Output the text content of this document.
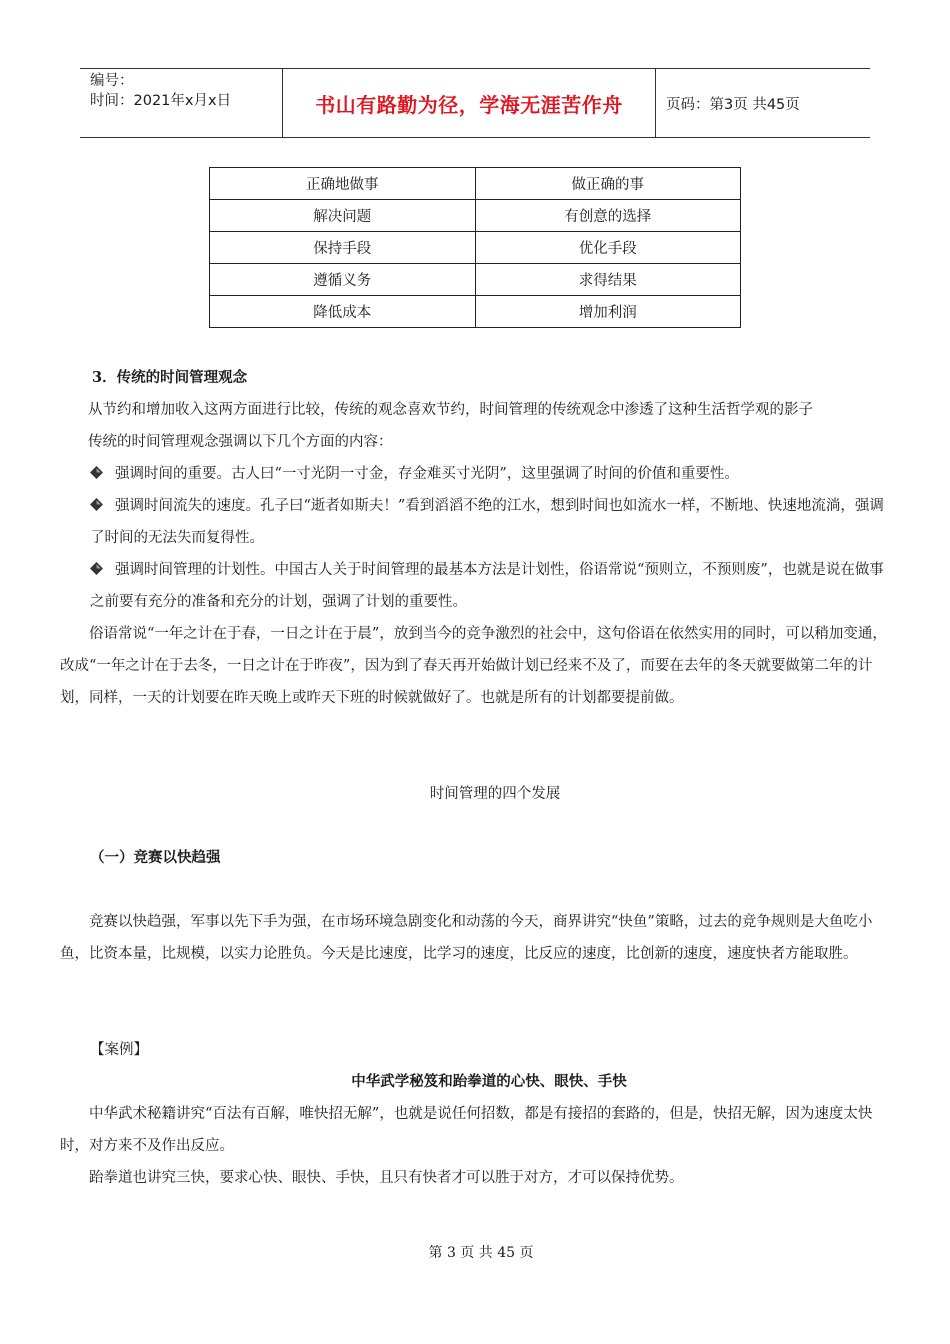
编号：
时间：2021年x月x日	书山有路勤为径，学海无涯苦作舟	页码：第3页 共45页
正确地做事	做正确的事
解决问题	有创意的选择
保持手段	优化手段
遵循义务	求得结果
降低成本	增加利润

3．传统的时间管理观念

从节约和增加收入这两方面进行比较，传统的观念喜欢节约，时间管理的传统观念中渗透了这种生活哲学观的影子

传统的时间管理观念强调以下几个方面的内容：

强调时间的重要。古人曰“一寸光阴一寸金，存金难买寸光阴”，这里强调了时间的价值和重要性。
强调时间流失的速度。孔子曰“逝者如斯夫！”看到滔滔不绝的江水，想到时间也如流水一样，不断地、快速地流淌，强调了时间的无法失而复得性。
强调时间管理的计划性。中国古人关于时间管理的最基本方法是计划性，俗语常说“预则立，不预则废”，也就是说在做事之前要有充分的准备和充分的计划，强调了计划的重要性。

俗语常说“一年之计在于春，一日之计在于晨”，放到当今的竞争激烈的社会中，这句俗语在依然实用的同时，可以稍加变通，改成“一年之计在于去冬，一日之计在于昨夜”，因为到了春天再开始做计划已经来不及了，而要在去年的冬天就要做第二年的计划，同样，一天的计划要在昨天晚上或昨天下班的时候就做好了。也就是所有的计划都要提前做。

时间管理的四个发展

（一）竞赛以快趋强

竞赛以快趋强，军事以先下手为强，在市场环境急剧变化和动荡的今天，商界讲究“快鱼”策略，过去的竞争规则是大鱼吃小鱼，比资本量，比规模，以实力论胜负。今天是比速度，比学习的速度，比反应的速度，比创新的速度，速度快者方能取胜。

【案例】

中华武学秘笈和跆拳道的心快、眼快、手快

中华武术秘籍讲究“百法有百解，唯快招无解”，也就是说任何招数，都是有接招的套路的，但是，快招无解，因为速度太快时，对方来不及作出反应。

跆拳道也讲究三快，要求心快、眼快、手快，且只有快者才可以胜于对方，才可以保持优势。

第 3 页 共 45 页
